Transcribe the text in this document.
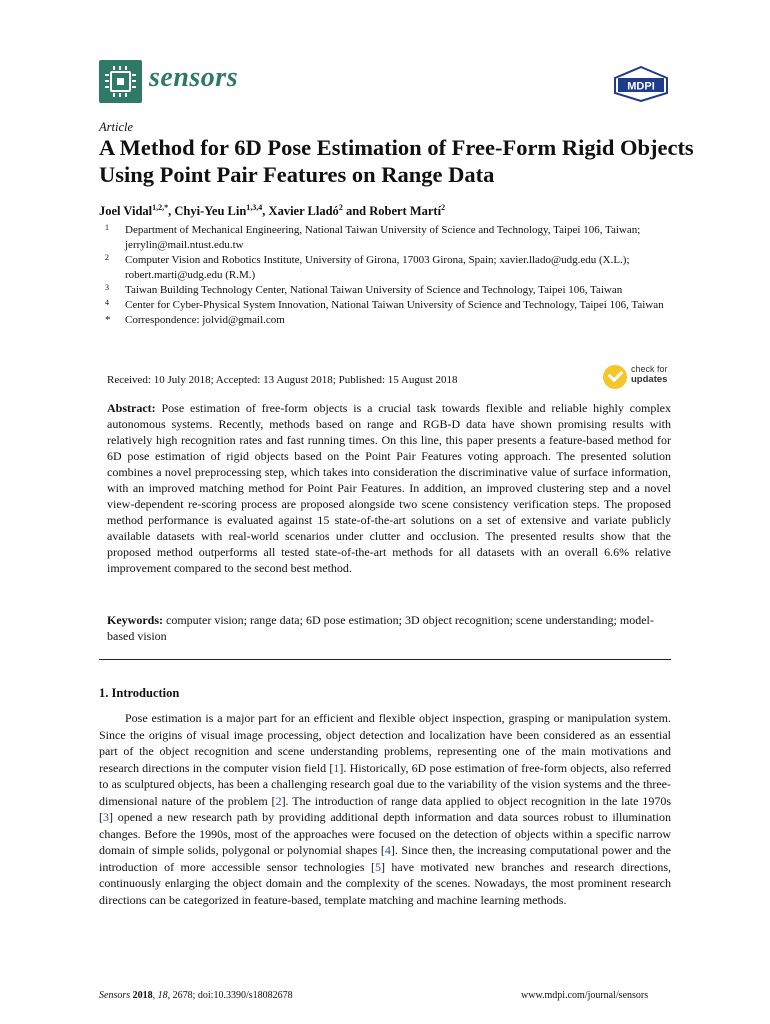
sensors	MDPI
Article
A Method for 6D Pose Estimation of Free-Form Rigid Objects Using Point Pair Features on Range Data
Joel Vidal$^{1,2,*}$, Chyi-Yeu Lin$^{1,3,4}$, Xavier Lladó$^2$ and Robert Martí$^2$
1 Department of Mechanical Engineering, National Taiwan University of Science and Technology, Taipei 106, Taiwan; jerrylin@mail.ntust.edu.tw
2 Computer Vision and Robotics Institute, University of Girona, 17003 Girona, Spain; xavier.llado@udg.edu (X.L.); robert.marti@udg.edu (R.M.)
3 Taiwan Building Technology Center, National Taiwan University of Science and Technology, Taipei 106, Taiwan
4 Center for Cyber-Physical System Innovation, National Taiwan University of Science and Technology, Taipei 106, Taiwan
* Correspondence: jolvid@gmail.com
Received: 10 July 2018; Accepted: 13 August 2018; Published: 15 August 2018
check for
updates
Abstract: Pose estimation of free-form objects is a crucial task towards flexible and reliable highly complex autonomous systems. Recently, methods based on range and RGB-D data have shown promising results with relatively high recognition rates and fast running times. On this line, this paper presents a feature-based method for 6D pose estimation of rigid objects based on the Point Pair Features voting approach. The presented solution combines a novel preprocessing step, which takes into consideration the discriminative value of surface information, with an improved matching method for Point Pair Features. In addition, an improved clustering step and a novel view-dependent re-scoring process are proposed alongside two scene consistency verification steps. The proposed method performance is evaluated against 15 state-of-the-art solutions on a set of extensive and variate publicly available datasets with real-world scenarios under clutter and occlusion. The presented results show that the proposed method outperforms all tested state-of-the-art methods for all datasets with an overall 6.6% relative improvement compared to the second best method.
Keywords: computer vision; range data; 6D pose estimation; 3D object recognition; scene understanding; model-based vision
1. Introduction
Pose estimation is a major part for an efficient and flexible object inspection, grasping or manipulation system. Since the origins of visual image processing, object detection and localization have been considered as an essential part of the object recognition and scene understanding problems, representing one of the main motivations and research directions in the computer vision field [1]. Historically, 6D pose estimation of free-form objects, also referred to as sculptured objects, has been a challenging research goal due to the variability of the vision systems and the three-dimensional nature of the problem [2]. The introduction of range data applied to object recognition in the late 1970s [3] opened a new research path by providing additional depth information and data sources robust to illumination changes. Before the 1990s, most of the approaches were focused on the detection of objects within a specific narrow domain of simple solids, polygonal or polynomial shapes [4]. Since then, the increasing computational power and the introduction of more accessible sensor technologies [5] have motivated new branches and research directions, continuously enlarging the object domain and the complexity of the scenes. Nowadays, the most prominent research directions can be categorized in feature-based, template matching and machine learning methods.
Sensors 2018, 18, 2678; doi:10.3390/s18082678	www.mdpi.com/journal/sensors
